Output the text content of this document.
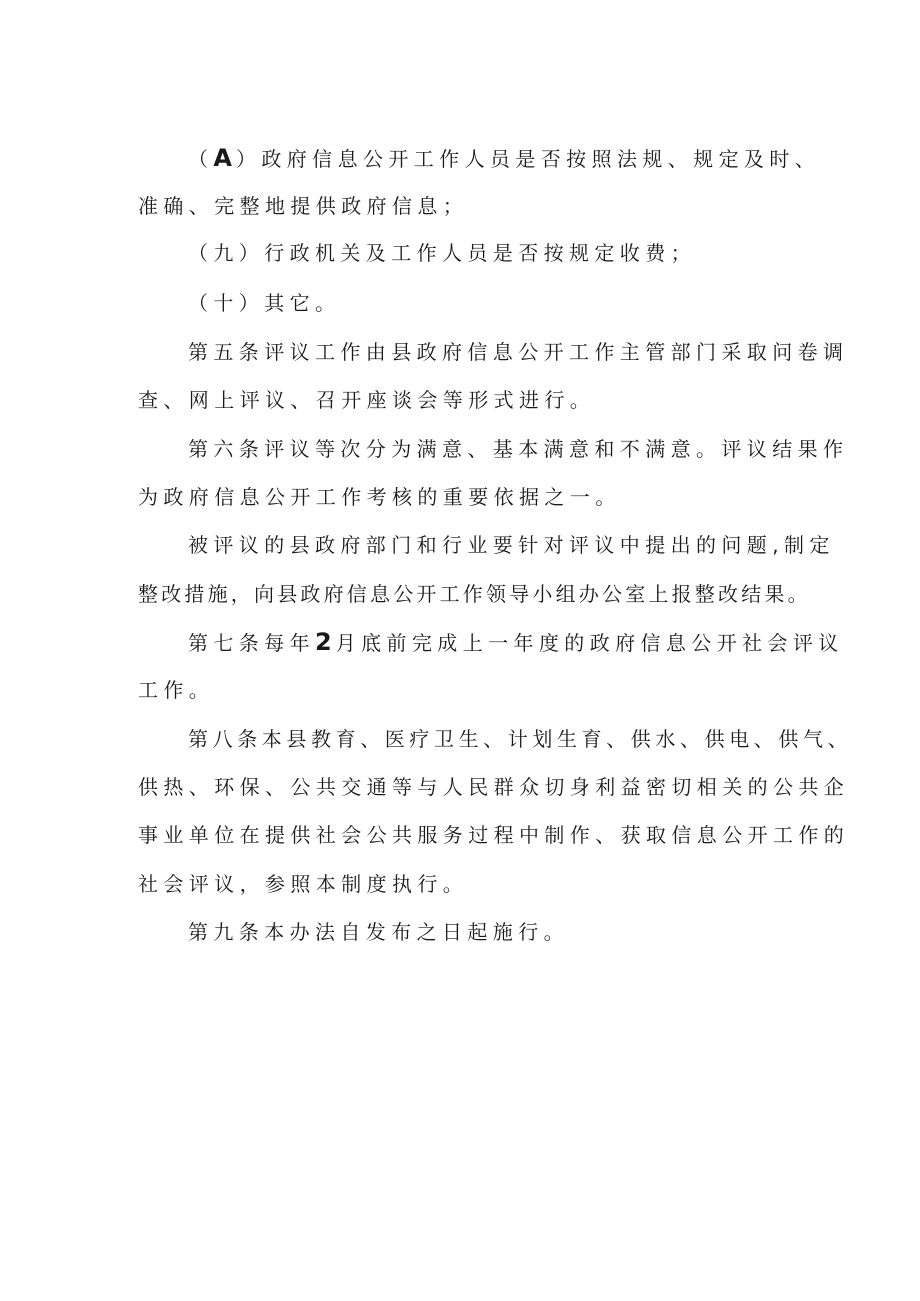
（A）政府信息公开工作人员是否按照法规、规定及时、
准确、完整地提供政府信息；
（九）行政机关及工作人员是否按规定收费；
（十）其它。
第五条评议工作由县政府信息公开工作主管部门采取问卷调
查、网上评议、召开座谈会等形式进行。
第六条评议等次分为满意、基本满意和不满意。评议结果作
为政府信息公开工作考核的重要依据之一。
被评议的县政府部门和行业要针对评议中提出的问题,制定
整改措施，向县政府信息公开工作领导小组办公室上报整改结果。
第七条每年2月底前完成上一年度的政府信息公开社会评议
工作。
第八条本县教育、医疗卫生、计划生育、供水、供电、供气、
供热、环保、公共交通等与人民群众切身利益密切相关的公共企
事业单位在提供社会公共服务过程中制作、获取信息公开工作的
社会评议，参照本制度执行。
第九条本办法自发布之日起施行。
